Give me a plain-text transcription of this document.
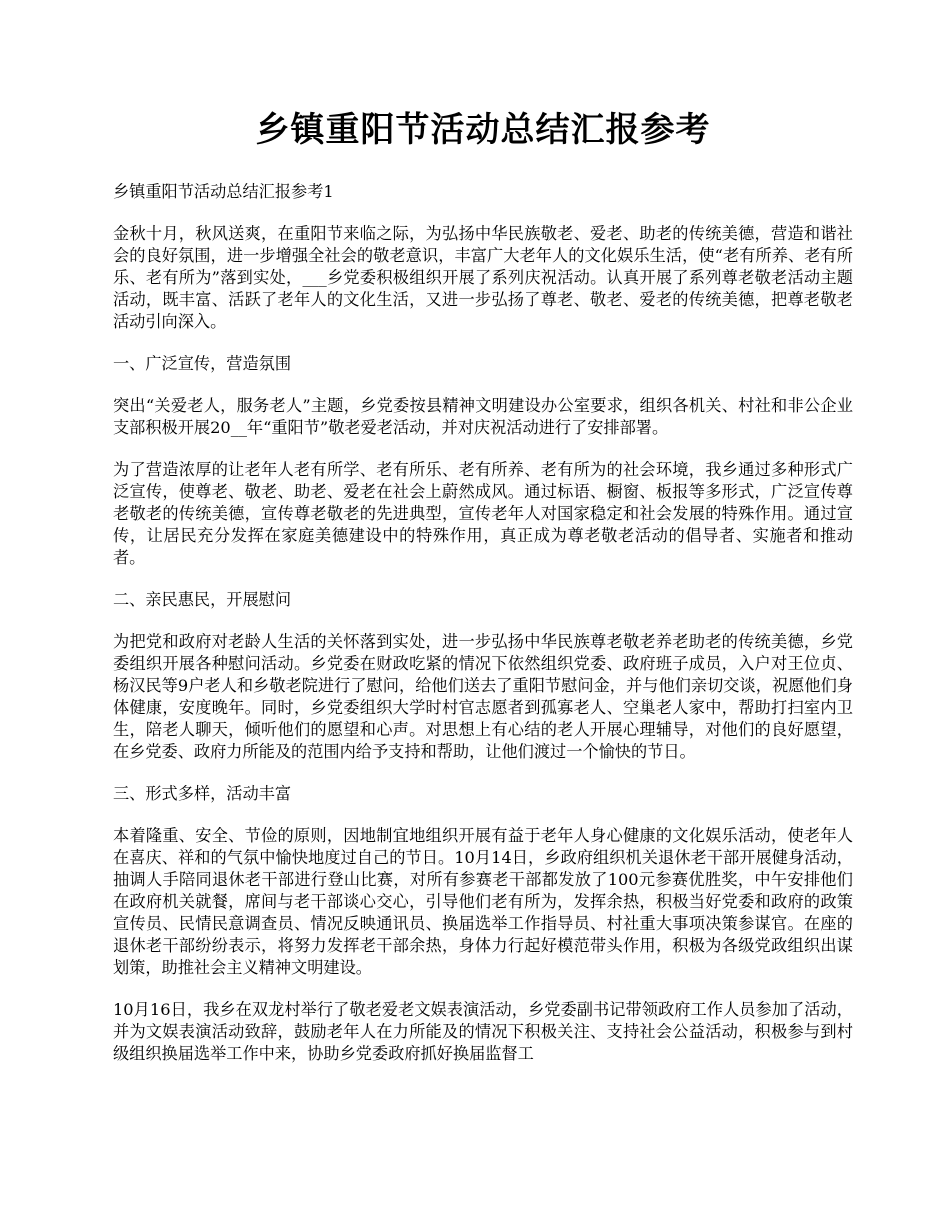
乡镇重阳节活动总结汇报参考

乡镇重阳节活动总结汇报参考1

金秋十月，秋风送爽，在重阳节来临之际，为弘扬中华民族敬老、爱老、助老的传统美德，营造和谐社会的良好氛围，进一步增强全社会的敬老意识，丰富广大老年人的文化娱乐生活，使“老有所养、老有所乐、老有所为”落到实处，___乡党委积极组织开展了系列庆祝活动。认真开展了系列尊老敬老活动主题活动，既丰富、活跃了老年人的文化生活，又进一步弘扬了尊老、敬老、爱老的传统美德，把尊老敬老活动引向深入。

一、广泛宣传，营造氛围

突出“关爱老人，服务老人”主题，乡党委按县精神文明建设办公室要求，组织各机关、村社和非公企业支部积极开展20__年“重阳节”敬老爱老活动，并对庆祝活动进行了安排部署。

为了营造浓厚的让老年人老有所学、老有所乐、老有所养、老有所为的社会环境，我乡通过多种形式广泛宣传，使尊老、敬老、助老、爱老在社会上蔚然成风。通过标语、橱窗、板报等多形式，广泛宣传尊老敬老的传统美德，宣传尊老敬老的先进典型，宣传老年人对国家稳定和社会发展的特殊作用。通过宣传，让居民充分发挥在家庭美德建设中的特殊作用，真正成为尊老敬老活动的倡导者、实施者和推动者。

二、亲民惠民，开展慰问

为把党和政府对老龄人生活的关怀落到实处，进一步弘扬中华民族尊老敬老养老助老的传统美德，乡党委组织开展各种慰问活动。乡党委在财政吃紧的情况下依然组织党委、政府班子成员，入户对王位贞、杨汉民等9户老人和乡敬老院进行了慰问，给他们送去了重阳节慰问金，并与他们亲切交谈，祝愿他们身体健康，安度晚年。同时，乡党委组织大学时村官志愿者到孤寡老人、空巢老人家中，帮助打扫室内卫生，陪老人聊天，倾听他们的愿望和心声。对思想上有心结的老人开展心理辅导，对他们的良好愿望，在乡党委、政府力所能及的范围内给予支持和帮助，让他们渡过一个愉快的节日。

三、形式多样，活动丰富

本着隆重、安全、节俭的原则，因地制宜地组织开展有益于老年人身心健康的文化娱乐活动，使老年人在喜庆、祥和的气氛中愉快地度过自己的节日。10月14日，乡政府组织机关退休老干部开展健身活动，抽调人手陪同退休老干部进行登山比赛，对所有参赛老干部都发放了100元参赛优胜奖，中午安排他们在政府机关就餐，席间与老干部谈心交心，引导他们老有所为，发挥余热，积极当好党委和政府的政策宣传员、民情民意调查员、情况反映通讯员、换届选举工作指导员、村社重大事项决策参谋官。在座的退休老干部纷纷表示，将努力发挥老干部余热，身体力行起好模范带头作用，积极为各级党政组织出谋划策，助推社会主义精神文明建设。

10月16日，我乡在双龙村举行了敬老爱老文娱表演活动，乡党委副书记带领政府工作人员参加了活动，并为文娱表演活动致辞，鼓励老年人在力所能及的情况下积极关注、支持社会公益活动，积极参与到村级组织换届选举工作中来，协助乡党委政府抓好换届监督工
